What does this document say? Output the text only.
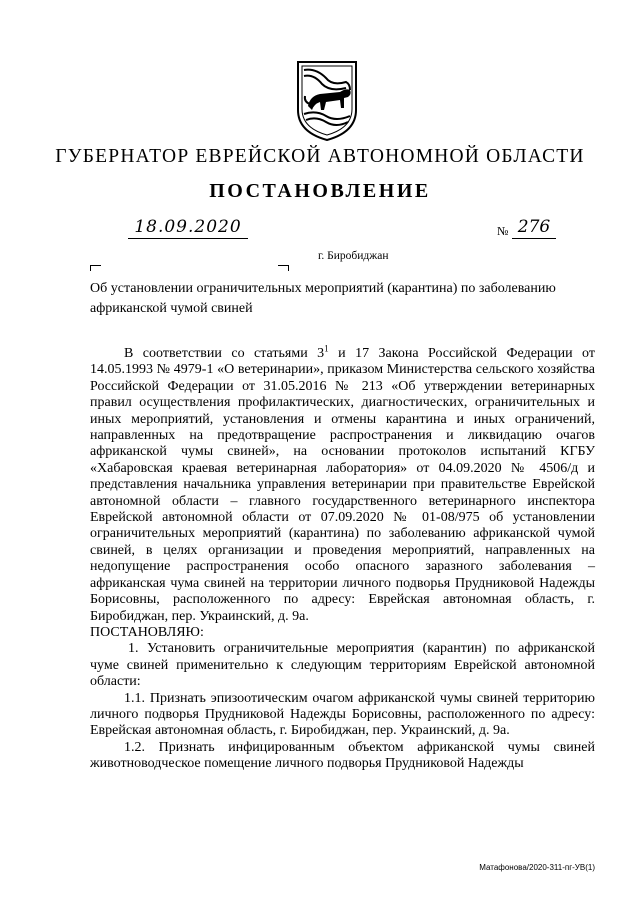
ГУБЕРНАТОР ЕВРЕЙСКОЙ АВТОНОМНОЙ ОБЛАСТИ
ПОСТАНОВЛЕНИЕ
18.09.2020	№ 276
г. Биробиджан
Об установлении ограничительных мероприятий (карантина) по заболеванию африканской чумой свиней

В соответствии со статьями $3^1$ и 17 Закона Российской Федерации от 14.05.1993 № 4979-1 «О ветеринарии», приказом Министерства сельского хозяйства Российской Федерации от 31.05.2016 № 213 «Об утверждении ветеринарных правил осуществления профилактических, диагностических, ограничительных и иных мероприятий, установления и отмены карантина и иных ограничений, направленных на предотвращение распространения и ликвидацию очагов африканской чумы свиней», на основании протоколов испытаний КГБУ «Хабаровская краевая ветеринарная лаборатория» от 04.09.2020 № 4506/д и представления начальника управления ветеринарии при правительстве Еврейской автономной области – главного государственного ветеринарного инспектора Еврейской автономной области от 07.09.2020 № 01-08/975 об установлении ограничительных мероприятий (карантина) по заболеванию африканской чумой свиней, в целях организации и проведения мероприятий, направленных на недопущение распространения особо опасного заразного заболевания – африканская чума свиней на территории личного подворья Прудниковой Надежды Борисовны, расположенного по адресу: Еврейская автономная область, г. Биробиджан, пер. Украинский, д. 9а.

ПОСТАНОВЛЯЮ:

1. Установить ограничительные мероприятия (карантин) по африканской чуме свиней применительно к следующим территориям Еврейской автономной области:

1.1. Признать эпизоотическим очагом африканской чумы свиней территорию личного подворья Прудниковой Надежды Борисовны, расположенного по адресу: Еврейская автономная область, г. Биробиджан, пер. Украинский, д. 9а.

1.2. Признать инфицированным объектом африканской чумы свиней животноводческое помещение личного подворья Прудниковой Надежды

Матафонова/2020-311-пг-УВ(1)
